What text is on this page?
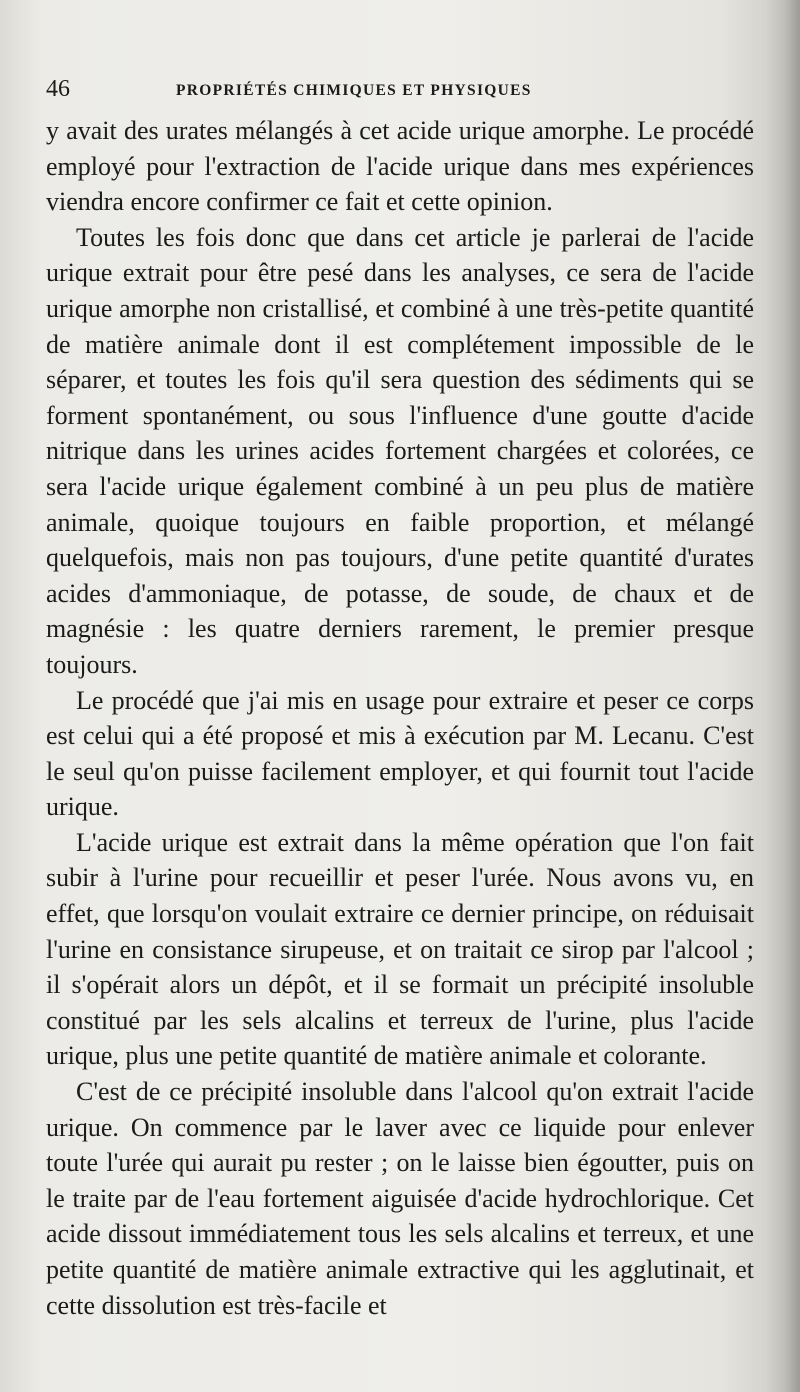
46	PROPRIÉTÉS CHIMIQUES ET PHYSIQUES

y avait des urates mélangés à cet acide urique amorphe. Le procédé employé pour l'extraction de l'acide urique dans mes expériences viendra encore confirmer ce fait et cette opinion.

Toutes les fois donc que dans cet article je parlerai de l'acide urique extrait pour être pesé dans les analyses, ce sera de l'acide urique amorphe non cristallisé, et combiné à une très-petite quantité de matière animale dont il est complétement impossible de le séparer, et toutes les fois qu'il sera question des sédiments qui se forment spontanément, ou sous l'influence d'une goutte d'acide nitrique dans les urines acides fortement chargées et colorées, ce sera l'acide urique également combiné à un peu plus de matière animale, quoique toujours en faible proportion, et mélangé quelquefois, mais non pas toujours, d'une petite quantité d'urates acides d'ammoniaque, de potasse, de soude, de chaux et de magnésie : les quatre derniers rarement, le premier presque toujours.

Le procédé que j'ai mis en usage pour extraire et peser ce corps est celui qui a été proposé et mis à exécution par M. Lecanu. C'est le seul qu'on puisse facilement employer, et qui fournit tout l'acide urique.

L'acide urique est extrait dans la même opération que l'on fait subir à l'urine pour recueillir et peser l'urée. Nous avons vu, en effet, que lorsqu'on voulait extraire ce dernier principe, on réduisait l'urine en consistance sirupeuse, et on traitait ce sirop par l'alcool ; il s'opérait alors un dépôt, et il se formait un précipité insoluble constitué par les sels alcalins et terreux de l'urine, plus l'acide urique, plus une petite quantité de matière animale et colorante.

C'est de ce précipité insoluble dans l'alcool qu'on extrait l'acide urique. On commence par le laver avec ce liquide pour enlever toute l'urée qui aurait pu rester ; on le laisse bien égoutter, puis on le traite par de l'eau fortement aiguisée d'acide hydrochlorique. Cet acide dissout immédiatement tous les sels alcalins et terreux, et une petite quantité de matière animale extractive qui les agglutinait, et cette dissolution est très-facile et
